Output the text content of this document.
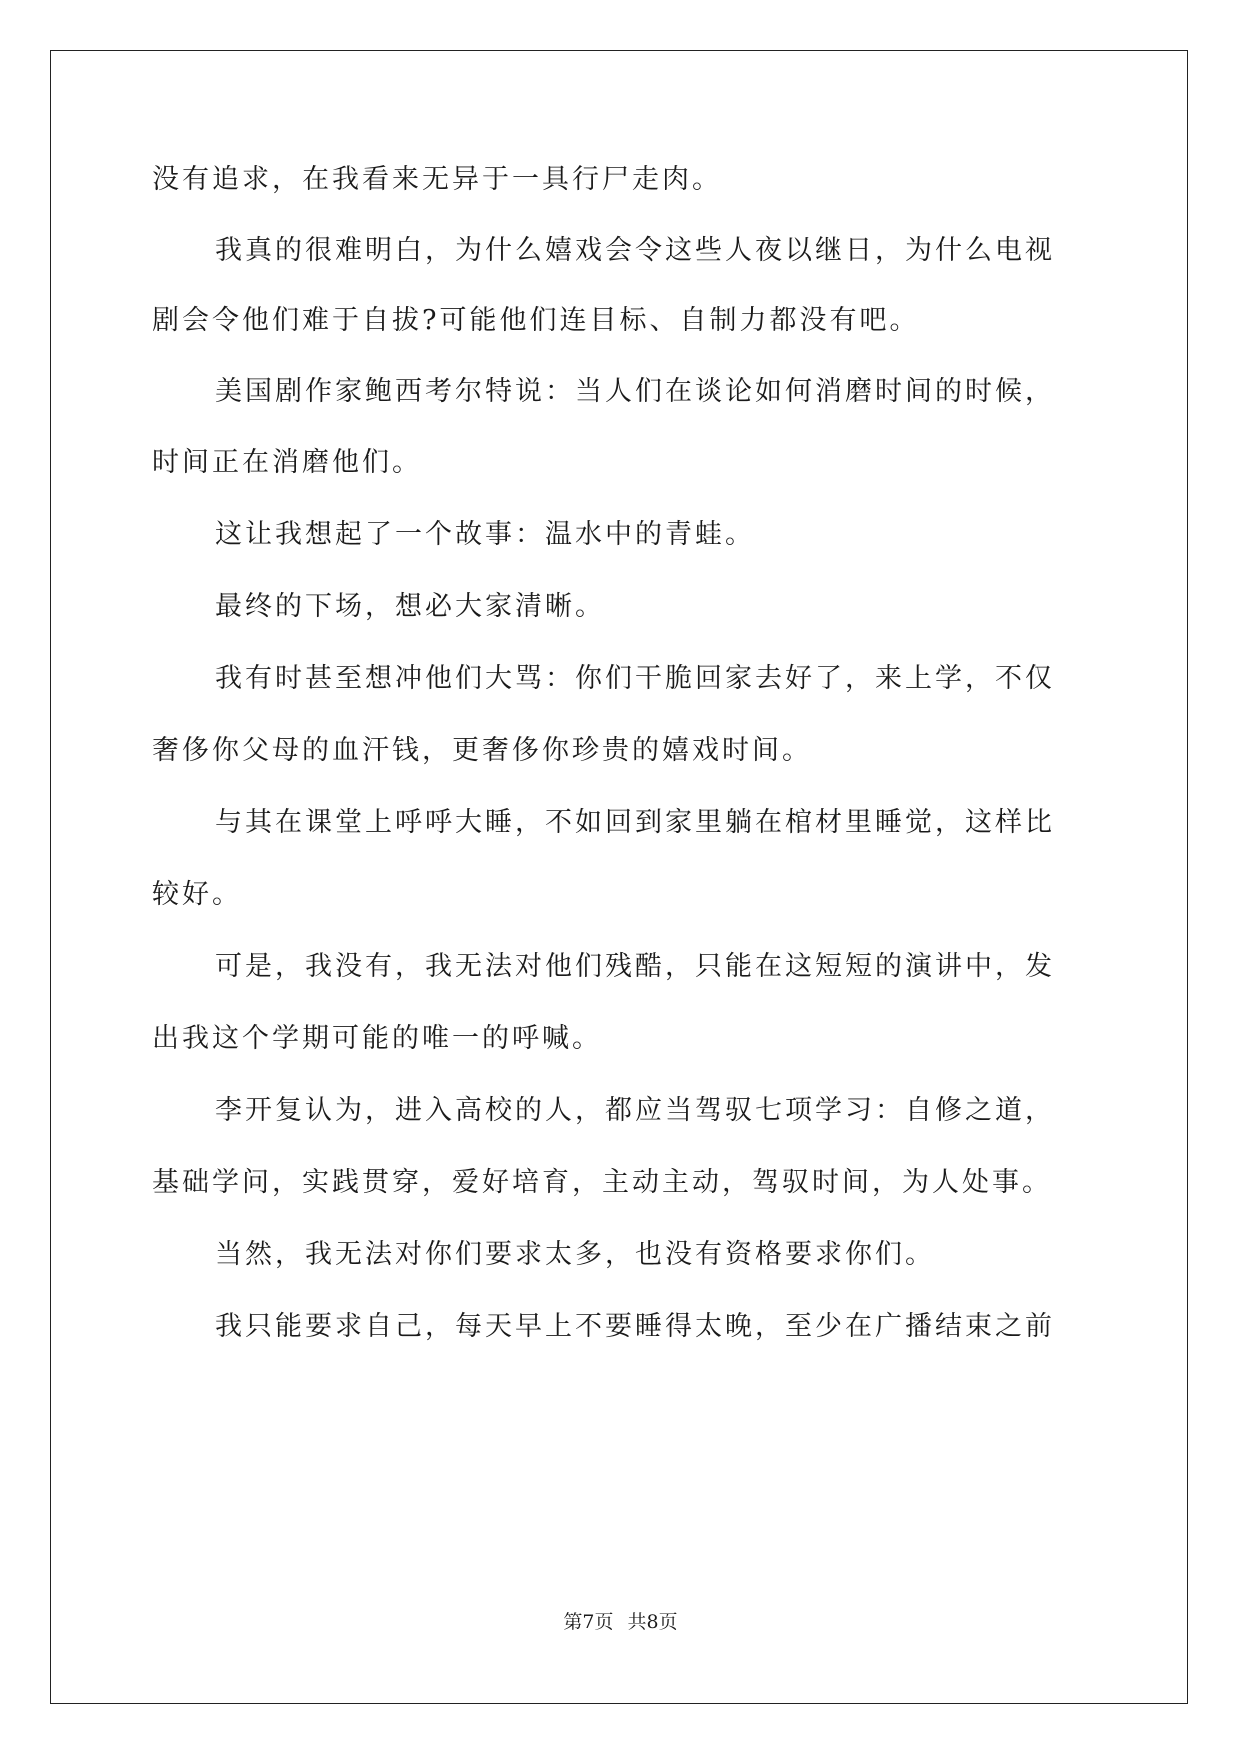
没有追求，在我看来无异于一具行尸走肉。
我真的很难明白，为什么嬉戏会令这些人夜以继日，为什么电视
剧会令他们难于自拔?可能他们连目标、自制力都没有吧。
美国剧作家鲍西考尔特说：当人们在谈论如何消磨时间的时候，
时间正在消磨他们。
这让我想起了一个故事：温水中的青蛙。
最终的下场，想必大家清晰。
我有时甚至想冲他们大骂：你们干脆回家去好了，来上学，不仅
奢侈你父母的血汗钱，更奢侈你珍贵的嬉戏时间。
与其在课堂上呼呼大睡，不如回到家里躺在棺材里睡觉，这样比
较好。
可是，我没有，我无法对他们残酷，只能在这短短的演讲中，发
出我这个学期可能的唯一的呼喊。
李开复认为，进入高校的人，都应当驾驭七项学习：自修之道，
基础学问，实践贯穿，爱好培育，主动主动，驾驭时间，为人处事。
当然，我无法对你们要求太多，也没有资格要求你们。
我只能要求自己，每天早上不要睡得太晚，至少在广播结束之前
第7页 共8页
